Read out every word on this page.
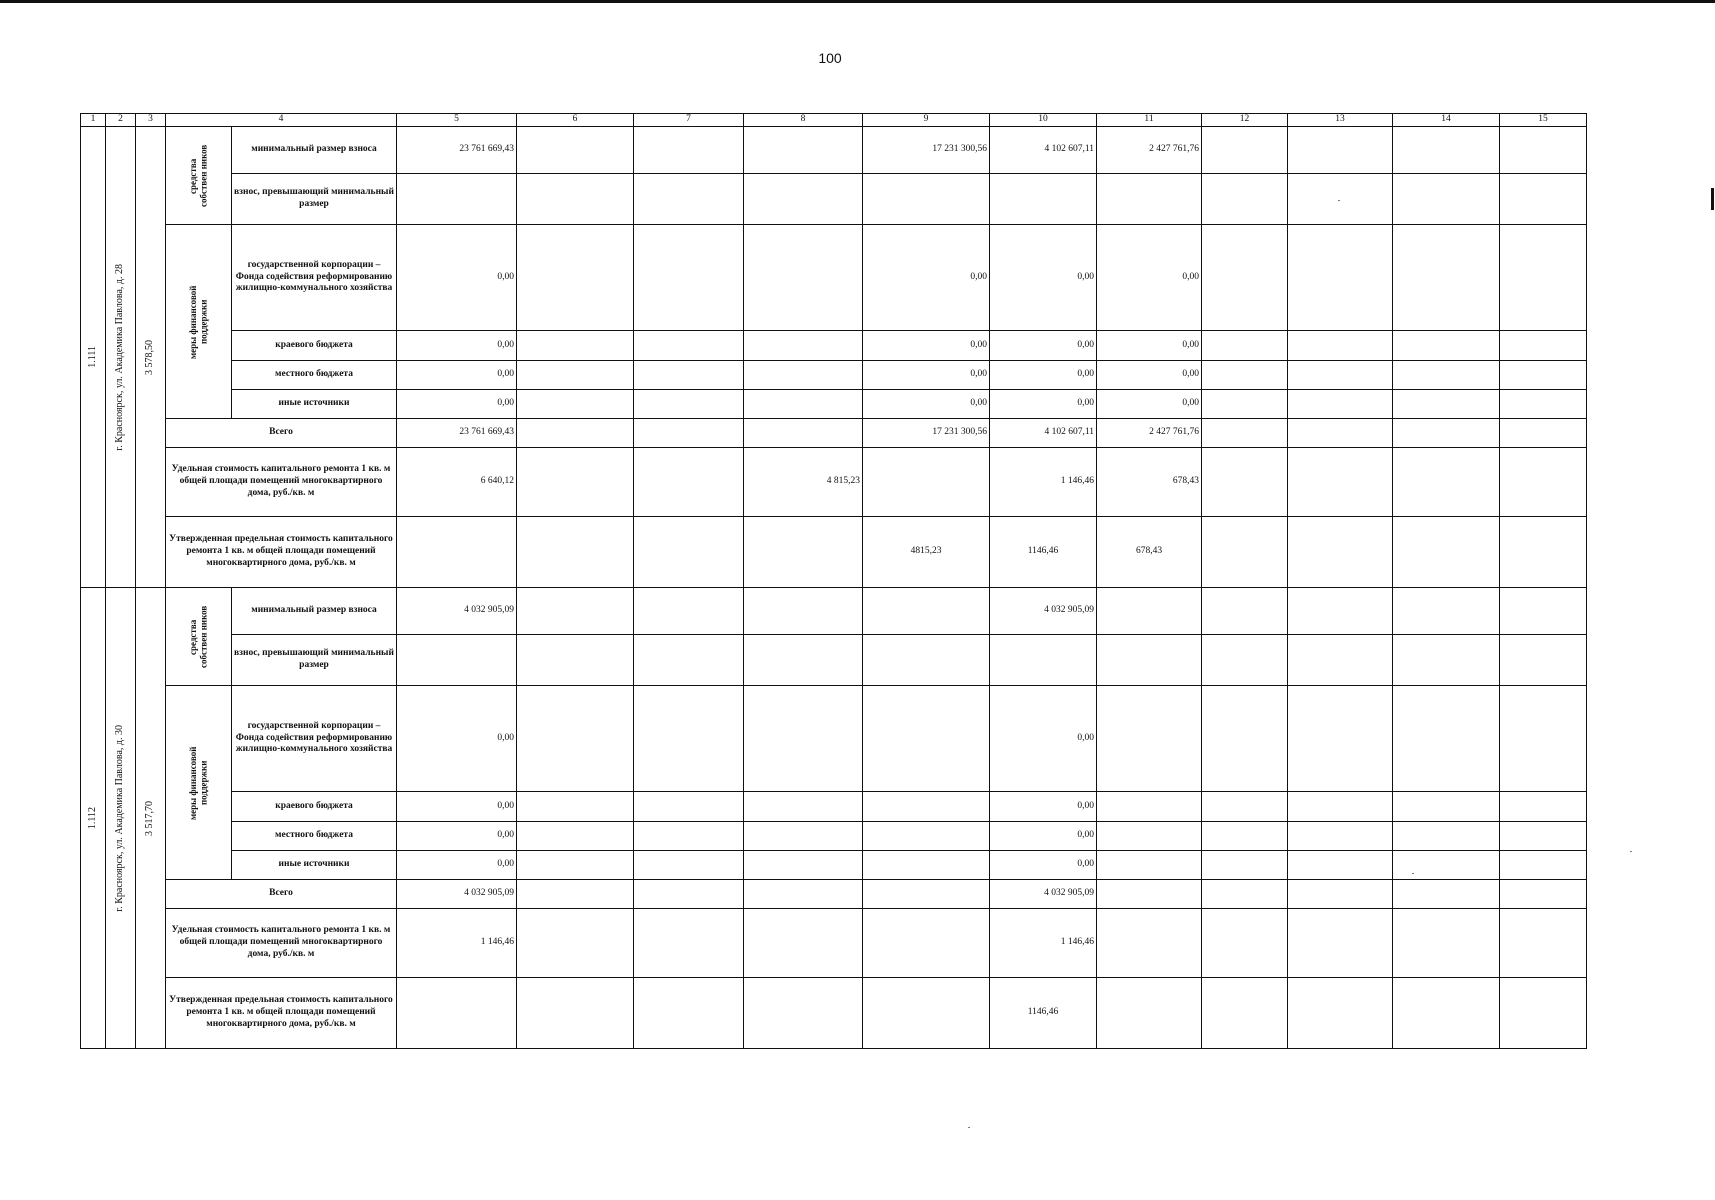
100
1	2	3	4		5	6	7	8	9	10	11	12	13	14	15

1.111	г. Красноярск, ул. Академика Павлова, д. 28	3 578,50	средства собствен ников	минимальный размер взноса	23 761 669,43				17 231 300,56	4 102 607,11	2 427 761,76				
				взнос, превышающий минимальный размер											

			меры финансовой поддержки	государственной корпорации – Фонда содействия реформированию жилищно-коммунального хозяйства	0,00				0,00	0,00	0,00				
				краевого бюджета	0,00				0,00	0,00	0,00				
				местного бюджета	0,00				0,00	0,00	0,00				
				иные источники	0,00				0,00	0,00	0,00				
			Всего		23 761 669,43				17 231 300,56	4 102 607,11	2 427 761,76				
			Удельная стоимость капитального ремонта 1 кв. м общей площади помещений многоквартирного дома, руб./кв. м		6 640,12			4 815,23		1 146,46	678,43				
			Утвержденная предельная стоимость капитального ремонта 1 кв. м общей площади помещений многоквартирного дома, руб./кв. м						4815,23	1146,46	678,43				

1.112	г. Красноярск, ул. Академика Павлова, д. 30	3 517,70	средства собствен ников	минимальный размер взноса	4 032 905,09					4 032 905,09					
				взнос, превышающий минимальный размер											

			меры финансовой поддержки	государственной корпорации – Фонда содействия реформированию жилищно-коммунального хозяйства	0,00					0,00					
				краевого бюджета	0,00					0,00					
				местного бюджета	0,00					0,00					
				иные источники	0,00					0,00					
			Всего		4 032 905,09					4 032 905,09					
			Удельная стоимость капитального ремонта 1 кв. м общей площади помещений многоквартирного дома, руб./кв. м		1 146,46					1 146,46					
			Утвержденная предельная стоимость капитального ремонта 1 кв. м общей площади помещений многоквартирного дома, руб./кв. м							1146,46					
